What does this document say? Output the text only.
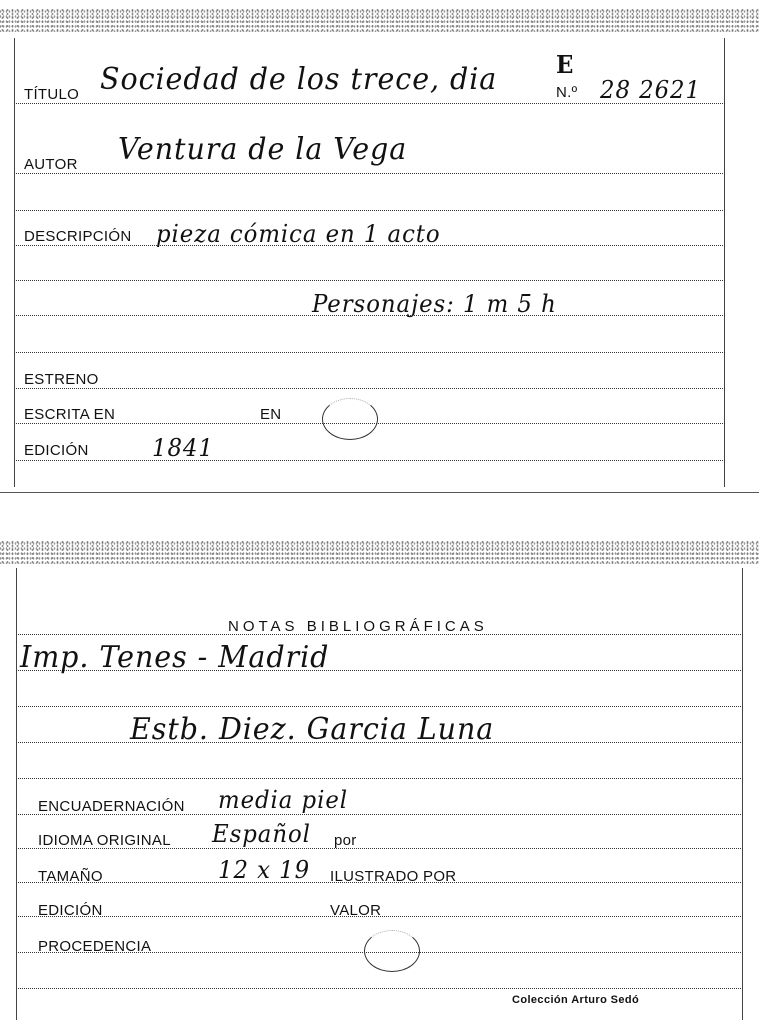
TÍTULO Sociedad de los trece, dia E
N.º 28 2621
AUTOR Ventura de la Vega
DESCRIPCIÓN pieza cómica en 1 acto
Personajes: 1 m 5 h
ESTRENO
ESCRITA EN	EN
EDICIÓN	1841
NOTAS BIBLIOGRÁFICAS
Imp. Tenes - Madrid
Estb. Diez. Garcia Luna
ENCUADERNACIÓN media piel
IDIOMA ORIGINAL Español por
TAMAÑO	12 x 19 ILUSTRADO POR
EDICIÓN	VALOR
PROCEDENCIA
Colección Arturo Sedó
